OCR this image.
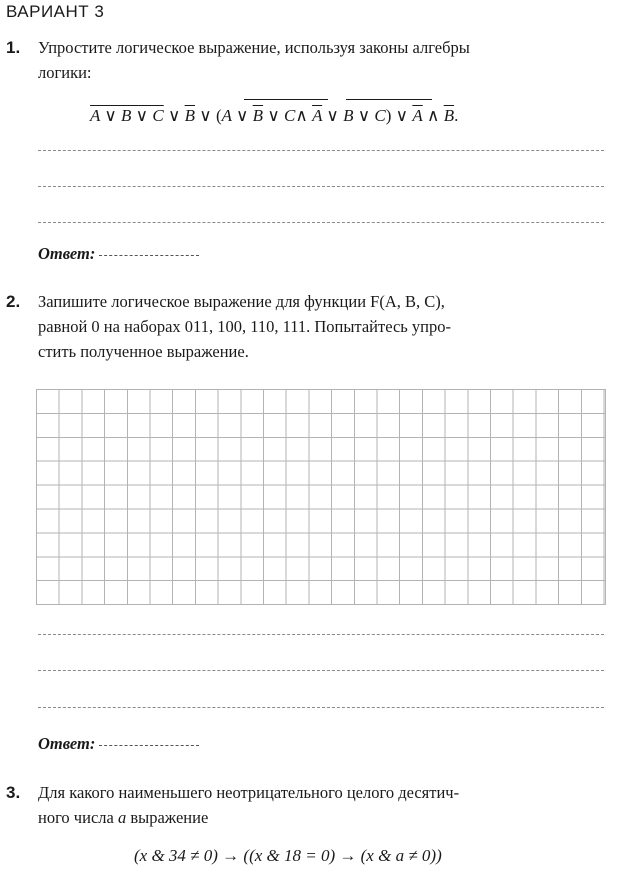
ВАРИАНТ 3
1. Упростите логическое выражение, используя законы алгебры
логики:
A ∨ B ∨ C ∨ $\overline{B}$ ∨ (A ∨ $\overline{B}$ ∨ C∧ $\overline{A}$ ∨ B ∨ C) ∨ $\overline{A}$ ∧ $\overline{B}$.
Ответ:
2. Запишите логическое выражение для функции F(A, B, C),
равной 0 на наборах 011, 100, 110, 111. Попытайтесь упро-
стить полученное выражение.
Ответ:
3. Для какого наименьшего неотрицательного целого десятич-
ного числа a выражение
(x & 34 ≠ 0) → ((x & 18 = 0) → (x & a ≠ 0))
